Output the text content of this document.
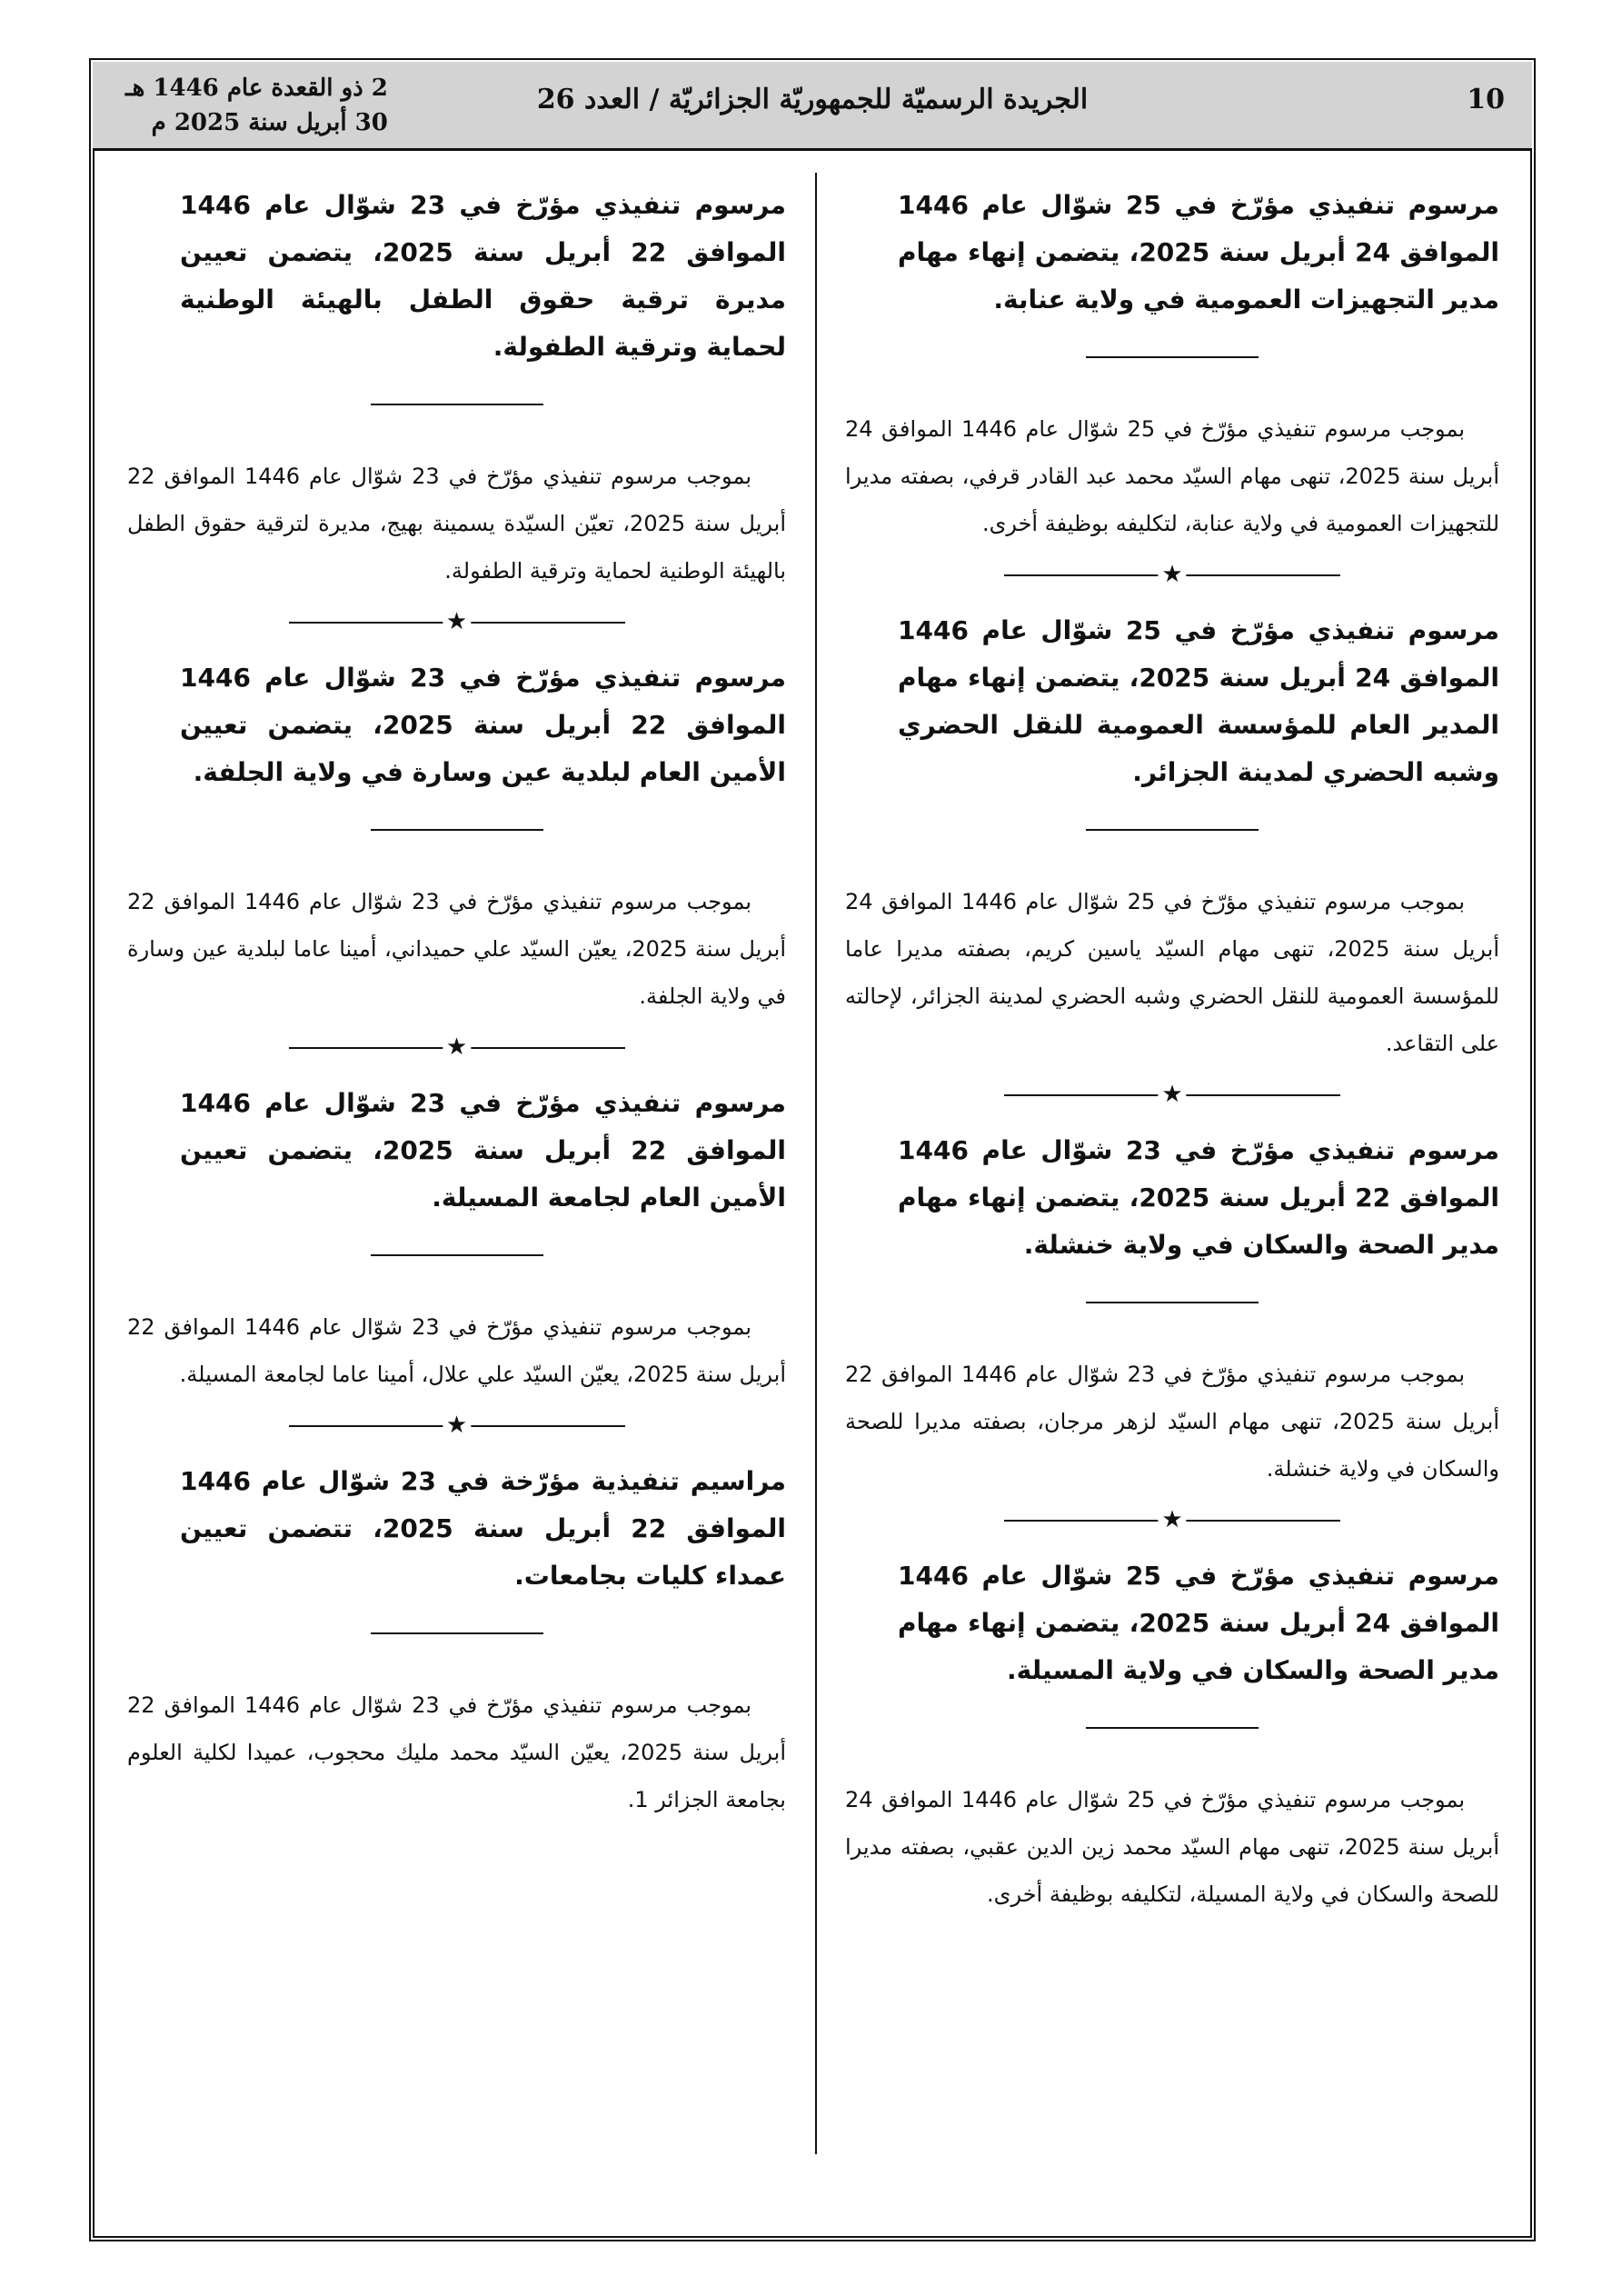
10
الجريدة الرسميّة للجمهوريّة الجزائريّة / العدد 26
2 ذو القعدة عام 1446 هـ
30 أبريل سنة 2025 م

مرسوم تنفيذي مؤرّخ في 25 شوّال عام 1446 الموافق 24 أبريل سنة 2025، يتضمن إنهاء مهام مدير التجهيزات العمومية في ولاية عنابة.

بموجب مرسوم تنفيذي مؤرّخ في 25 شوّال عام 1446 الموافق 24 أبريل سنة 2025، تنهى مهام السيّد محمد عبد القادر قرفي، بصفته مديرا للتجهيزات العمومية في ولاية عنابة، لتكليفه بوظيفة أخرى.

★

مرسوم تنفيذي مؤرّخ في 25 شوّال عام 1446 الموافق 24 أبريل سنة 2025، يتضمن إنهاء مهام المدير العام للمؤسسة العمومية للنقل الحضري وشبه الحضري لمدينة الجزائر.

بموجب مرسوم تنفيذي مؤرّخ في 25 شوّال عام 1446 الموافق 24 أبريل سنة 2025، تنهى مهام السيّد ياسين كريم، بصفته مديرا عاما للمؤسسة العمومية للنقل الحضري وشبه الحضري لمدينة الجزائر، لإحالته على التقاعد.

★

مرسوم تنفيذي مؤرّخ في 23 شوّال عام 1446 الموافق 22 أبريل سنة 2025، يتضمن إنهاء مهام مدير الصحة والسكان في ولاية خنشلة.

بموجب مرسوم تنفيذي مؤرّخ في 23 شوّال عام 1446 الموافق 22 أبريل سنة 2025، تنهى مهام السيّد لزهر مرجان، بصفته مديرا للصحة والسكان في ولاية خنشلة.

★

مرسوم تنفيذي مؤرّخ في 25 شوّال عام 1446 الموافق 24 أبريل سنة 2025، يتضمن إنهاء مهام مدير الصحة والسكان في ولاية المسيلة.

بموجب مرسوم تنفيذي مؤرّخ في 25 شوّال عام 1446 الموافق 24 أبريل سنة 2025، تنهى مهام السيّد محمد زين الدين عقبي، بصفته مديرا للصحة والسكان في ولاية المسيلة، لتكليفه بوظيفة أخرى.

مرسوم تنفيذي مؤرّخ في 23 شوّال عام 1446 الموافق 22 أبريل سنة 2025، يتضمن تعيين مديرة ترقية حقوق الطفل بالهيئة الوطنية لحماية وترقية الطفولة.

بموجب مرسوم تنفيذي مؤرّخ في 23 شوّال عام 1446 الموافق 22 أبريل سنة 2025، تعيّن السيّدة يسمينة بهيج، مديرة لترقية حقوق الطفل بالهيئة الوطنية لحماية وترقية الطفولة.

★

مرسوم تنفيذي مؤرّخ في 23 شوّال عام 1446 الموافق 22 أبريل سنة 2025، يتضمن تعيين الأمين العام لبلدية عين وسارة في ولاية الجلفة.

بموجب مرسوم تنفيذي مؤرّخ في 23 شوّال عام 1446 الموافق 22 أبريل سنة 2025، يعيّن السيّد علي حميداني، أمينا عاما لبلدية عين وسارة في ولاية الجلفة.

★

مرسوم تنفيذي مؤرّخ في 23 شوّال عام 1446 الموافق 22 أبريل سنة 2025، يتضمن تعيين الأمين العام لجامعة المسيلة.

بموجب مرسوم تنفيذي مؤرّخ في 23 شوّال عام 1446 الموافق 22 أبريل سنة 2025، يعيّن السيّد علي علال، أمينا عاما لجامعة المسيلة.

★

مراسيم تنفيذية مؤرّخة في 23 شوّال عام 1446 الموافق 22 أبريل سنة 2025، تتضمن تعيين عمداء كليات بجامعات.

بموجب مرسوم تنفيذي مؤرّخ في 23 شوّال عام 1446 الموافق 22 أبريل سنة 2025، يعيّن السيّد محمد مليك محجوب، عميدا لكلية العلوم بجامعة الجزائر 1.
